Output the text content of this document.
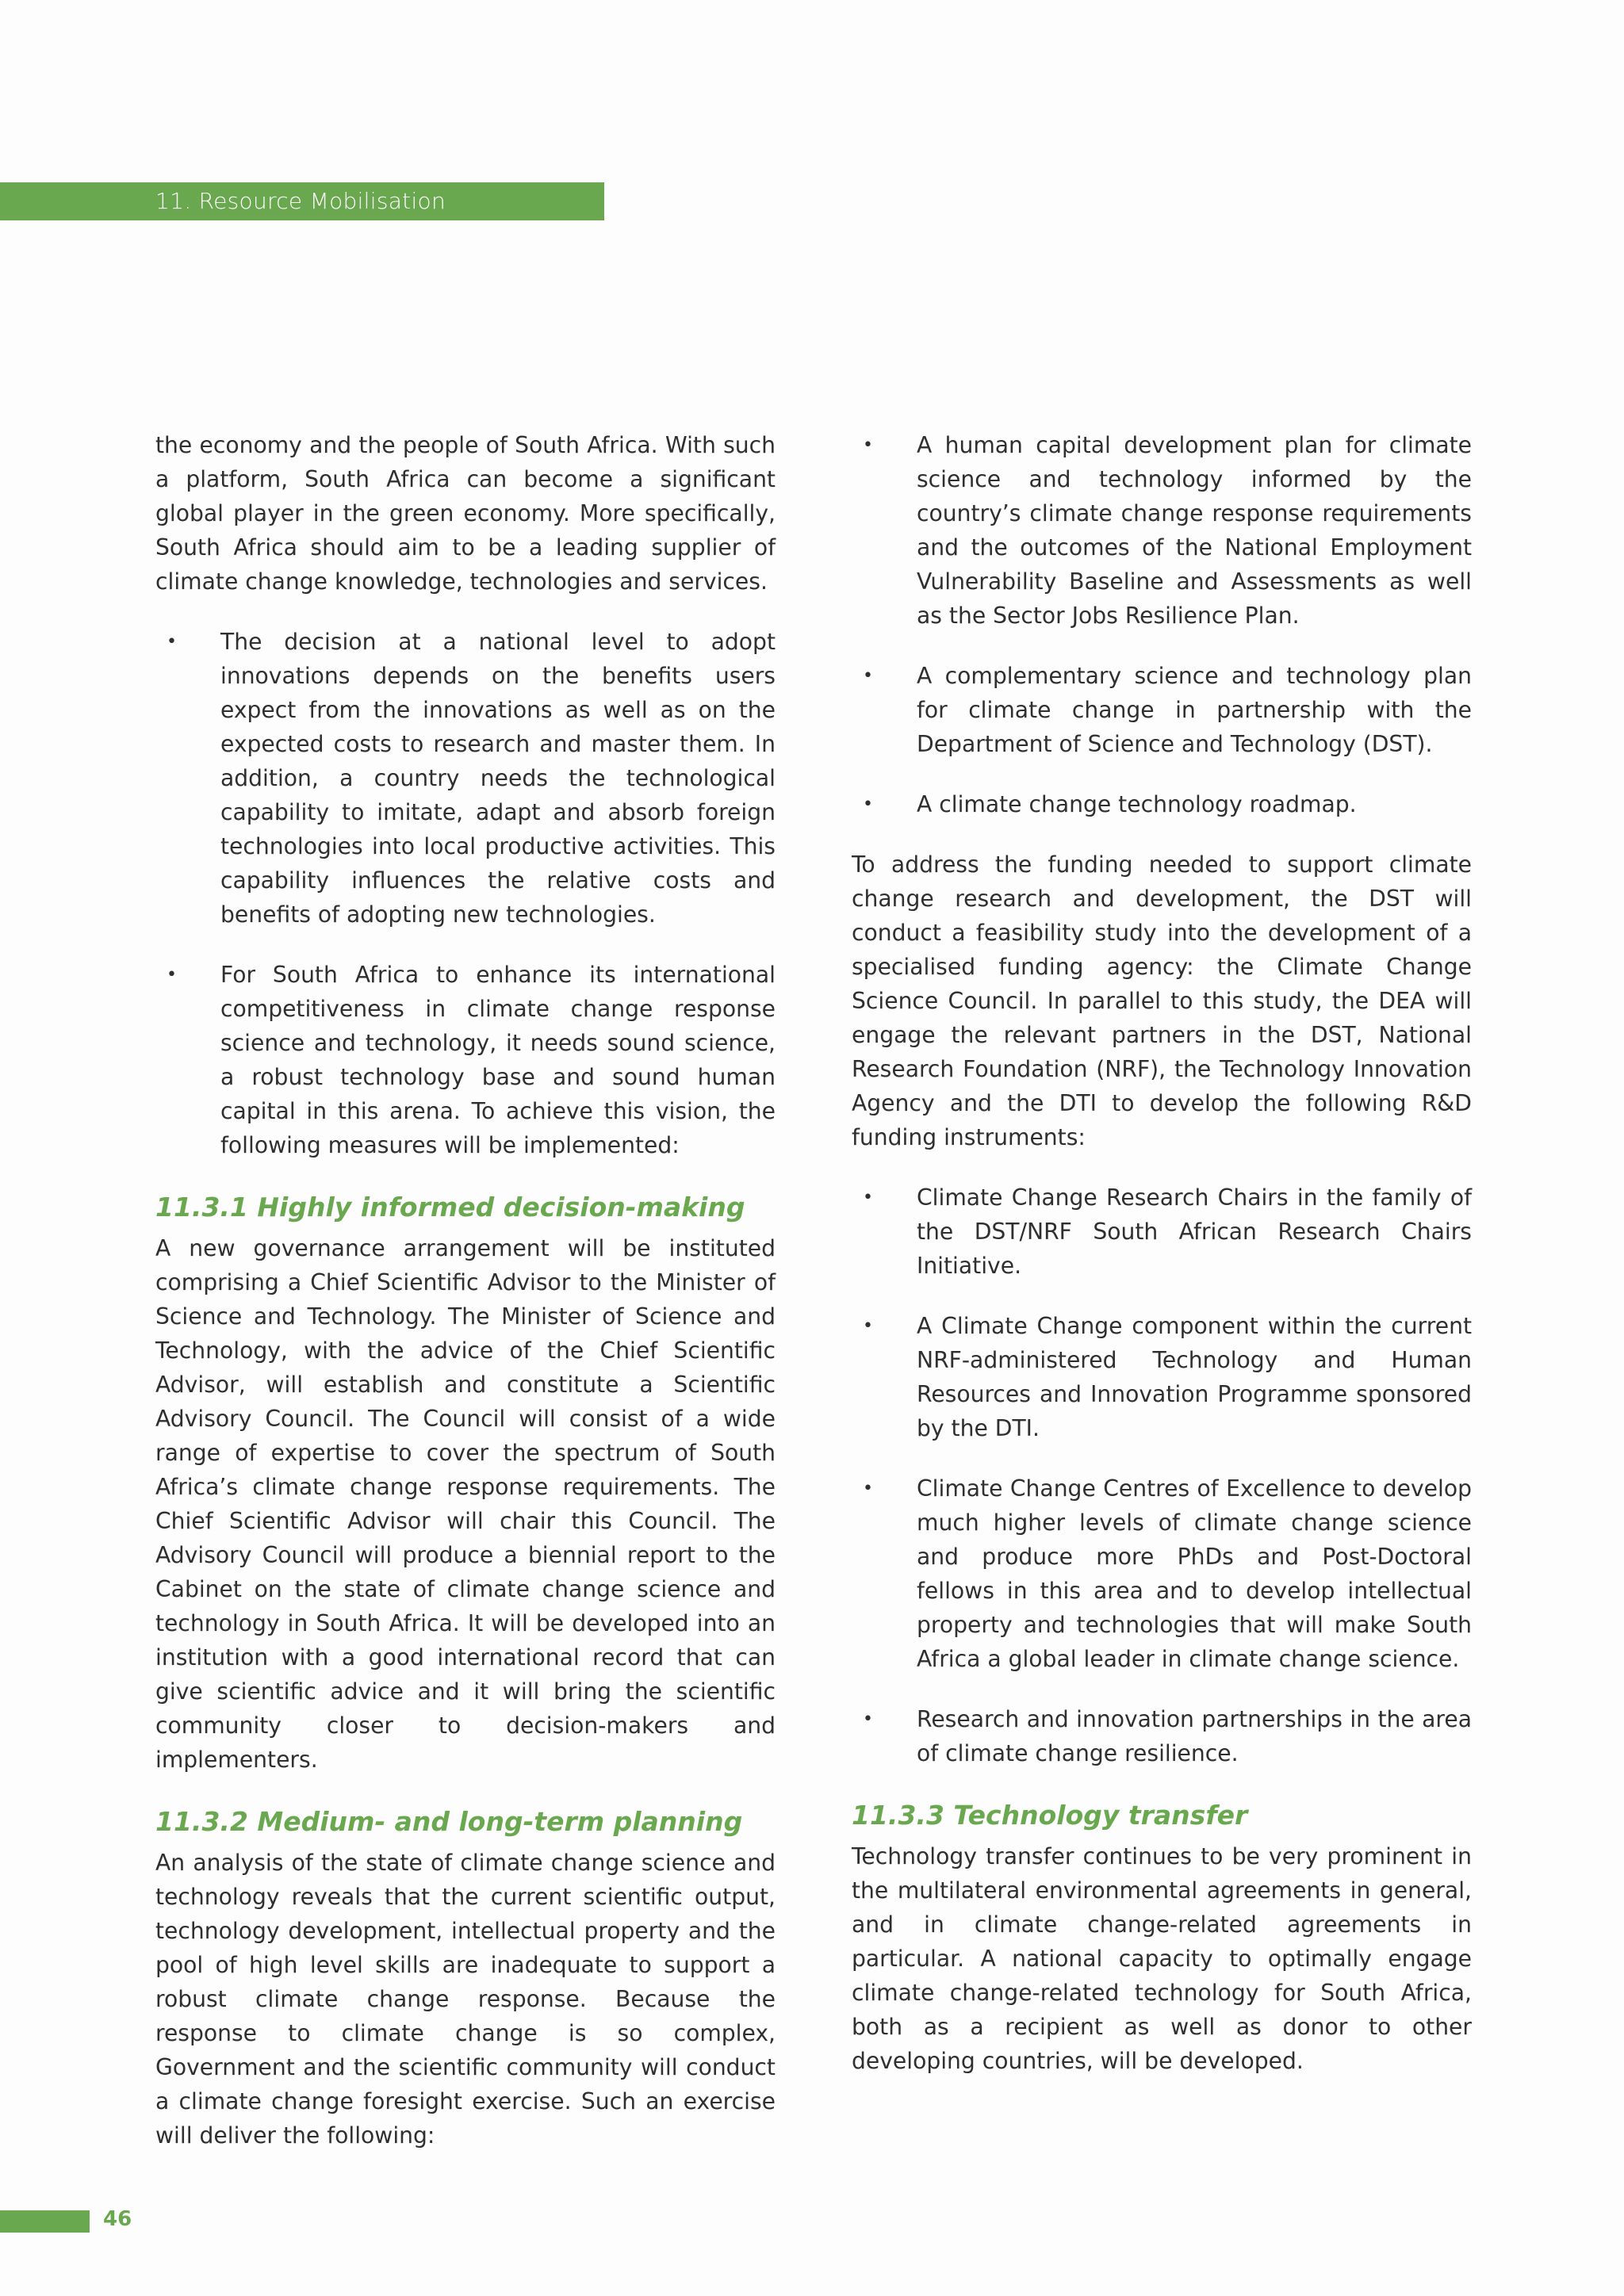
11. Resource Mobilisation

the economy and the people of South Africa. With such a platform, South Africa can become a significant global player in the green economy. More specifically, South Africa should aim to be a leading supplier of climate change knowledge, technologies and services.

• The decision at a national level to adopt innovations depends on the benefits users expect from the innovations as well as on the expected costs to research and master them. In addition, a country needs the technological capability to imitate, adapt and absorb foreign technologies into local productive activities. This capability influences the relative costs and benefits of adopting new technologies.
• For South Africa to enhance its international competitiveness in climate change response science and technology, it needs sound science, a robust technology base and sound human capital in this arena. To achieve this vision, the following measures will be implemented:
11.3.1 Highly informed decision-making

A new governance arrangement will be instituted comprising a Chief Scientific Advisor to the Minister of Science and Technology. The Minister of Science and Technology, with the advice of the Chief Scientific Advisor, will establish and constitute a Scientific Advisory Council. The Council will consist of a wide range of expertise to cover the spectrum of South Africa’s climate change response requirements. The Chief Scientific Advisor will chair this Council. The Advisory Council will produce a biennial report to the Cabinet on the state of climate change science and technology in South Africa. It will be developed into an institution with a good international record that can give scientific advice and it will bring the scientific community closer to decision-makers and implementers.

11.3.2 Medium- and long-term planning

An analysis of the state of climate change science and technology reveals that the current scientific output, technology development, intellectual property and the pool of high level skills are inadequate to support a robust climate change response. Because the response to climate change is so complex, Government and the scientific community will conduct a climate change foresight exercise. Such an exercise will deliver the following:

• A human capital development plan for climate science and technology informed by the country’s climate change response requirements and the outcomes of the National Employment Vulnerability Baseline and Assessments as well as the Sector Jobs Resilience Plan.
• A complementary science and technology plan for climate change in partnership with the Department of Science and Technology (DST).
• A climate change technology roadmap.

To address the funding needed to support climate change research and development, the DST will conduct a feasibility study into the development of a specialised funding agency: the Climate Change Science Council. In parallel to this study, the DEA will engage the relevant partners in the DST, National Research Foundation (NRF), the Technology Innovation Agency and the DTI to develop the following R&D funding instruments:

• Climate Change Research Chairs in the family of the DST/NRF South African Research Chairs Initiative.
• A Climate Change component within the current NRF-administered Technology and Human Resources and Innovation Programme sponsored by the DTI.
• Climate Change Centres of Excellence to develop much higher levels of climate change science and produce more PhDs and Post-Doctoral fellows in this area and to develop intellectual property and technologies that will make South Africa a global leader in climate change science.
• Research and innovation partnerships in the area of climate change resilience.
11.3.3 Technology transfer

Technology transfer continues to be very prominent in the multilateral environmental agreements in general, and in climate change-related agreements in particular. A national capacity to optimally engage climate change-related technology for South Africa, both as a recipient as well as donor to other developing countries, will be developed.

46
